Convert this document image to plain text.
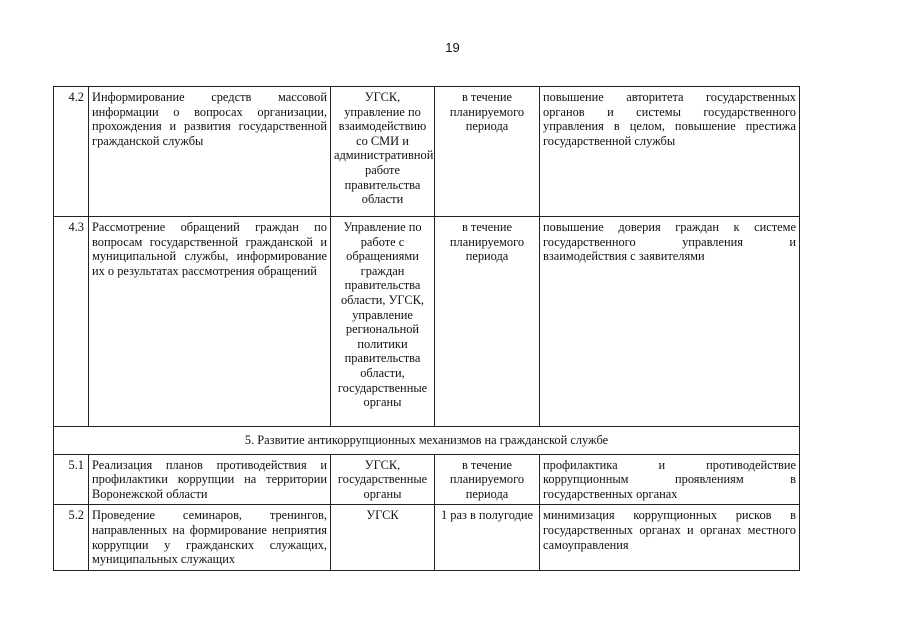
19
4.2	Информирование средств массовой информации о вопросах организации, прохождения и развития государственной гражданской службы	УГСК, управление по взаимодействию со СМИ и административной работе правительства области	в течение планируемого периода	повышение авторитета государственных органов и системы государственного управления в целом, повышение престижа государственной службы
4.3	Рассмотрение обращений граждан по вопросам государственной гражданской и муниципальной службы, информирование их о результатах рассмотрения обращений	Управление по работе с обращениями граждан правительства области, УГСК, управление региональной политики правительства области, государственные органы	в течение планируемого периода	повышение доверия граждан к системе государственного управления и взаимодействия с заявителями
5. Развитие антикоррупционных механизмов на гражданской службе				
5.1	Реализация планов противодействия и профилактики коррупции на территории Воронежской области	УГСК, государственные органы	в течение планируемого периода	профилактика и противодействие коррупционным проявлениям в государственных органах
5.2	Проведение семинаров, тренингов, направленных на формирование неприятия коррупции у гражданских служащих, муниципальных служащих	УГСК	1 раз в полугодие	минимизация коррупционных рисков в государственных органах и органах местного самоуправления
